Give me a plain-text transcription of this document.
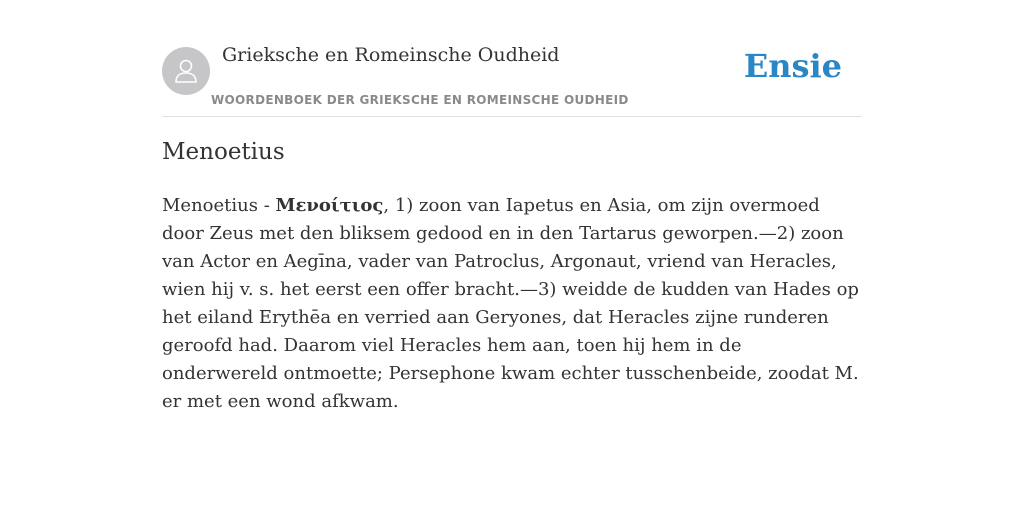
Grieksche en Romeinsche Oudheid
WOORDENBOEK DER GRIEKSCHE EN ROMEINSCHE OUDHEID
Ensie
Menoetius

Menoetius - Μενοίτιος, 1) zoon van Iapetus en Asia, om zijn overmoed door Zeus met den bliksem gedood en in den Tartarus geworpen.—2) zoon van Actor en Aegīna, vader van Patroclus, Argonaut, vriend van Heracles, wien hij v. s. het eerst een offer bracht.—3) weidde de kudden van Hades op het eiland Erythēa en verried aan Geryones, dat Heracles zijne runderen geroofd had. Daarom viel Heracles hem aan, toen hij hem in de onderwereld ontmoette; Persephone kwam echter tusschenbeide, zoodat M. er met een wond afkwam.
